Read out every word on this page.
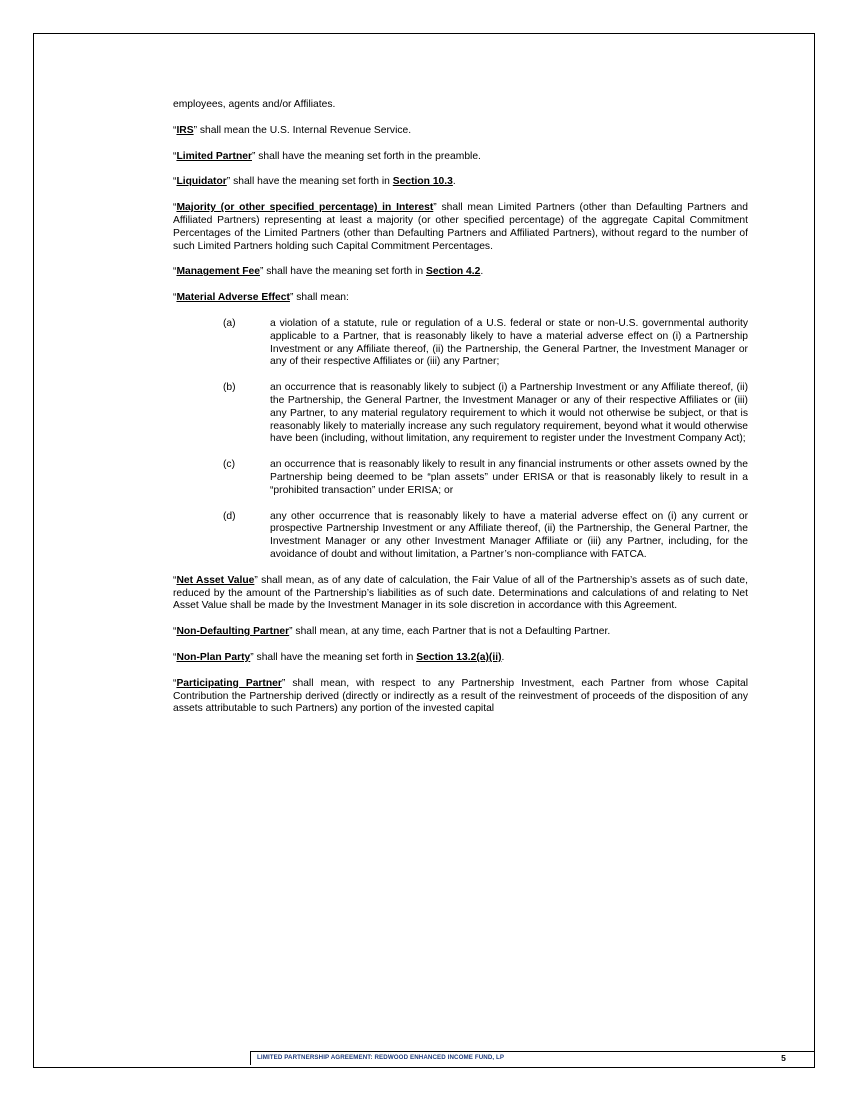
employees, agents and/or Affiliates.

“IRS” shall mean the U.S. Internal Revenue Service.

“Limited Partner” shall have the meaning set forth in the preamble.

“Liquidator” shall have the meaning set forth in Section 10.3.

“Majority (or other specified percentage) in Interest” shall mean Limited Partners (other than Defaulting Partners and Affiliated Partners) representing at least a majority (or other specified percentage) of the aggregate Capital Commitment Percentages of the Limited Partners (other than Defaulting Partners and Affiliated Partners), without regard to the number of such Limited Partners holding such Capital Commitment Percentages.

“Management Fee” shall have the meaning set forth in Section 4.2.

“Material Adverse Effect” shall mean:

(a)	a violation of a statute, rule or regulation of a U.S. federal or state or non-U.S. governmental authority applicable to a Partner, that is reasonably likely to have a material adverse effect on (i) a Partnership Investment or any Affiliate thereof, (ii) the Partnership, the General Partner, the Investment Manager or any of their respective Affiliates or (iii) any Partner;
(b)	an occurrence that is reasonably likely to subject (i) a Partnership Investment or any Affiliate thereof, (ii) the Partnership, the General Partner, the Investment Manager or any of their respective Affiliates or (iii) any Partner, to any material regulatory requirement to which it would not otherwise be subject, or that is reasonably likely to materially increase any such regulatory requirement, beyond what it would otherwise have been (including, without limitation, any requirement to register under the Investment Company Act);
(c)	an occurrence that is reasonably likely to result in any financial instruments or other assets owned by the Partnership being deemed to be “plan assets” under ERISA or that is reasonably likely to result in a “prohibited transaction” under ERISA; or
(d)	any other occurrence that is reasonably likely to have a material adverse effect on (i) any current or prospective Partnership Investment or any Affiliate thereof, (ii) the Partnership, the General Partner, the Investment Manager or any other Investment Manager Affiliate or (iii) any Partner, including, for the avoidance of doubt and without limitation, a Partner’s non-compliance with FATCA.

“Net Asset Value” shall mean, as of any date of calculation, the Fair Value of all of the Partnership’s assets as of such date, reduced by the amount of the Partnership’s liabilities as of such date. Determinations and calculations of and relating to Net Asset Value shall be made by the Investment Manager in its sole discretion in accordance with this Agreement.

“Non-Defaulting Partner” shall mean, at any time, each Partner that is not a Defaulting Partner.

“Non-Plan Party” shall have the meaning set forth in Section 13.2(a)(ii).

“Participating Partner” shall mean, with respect to any Partnership Investment, each Partner from whose Capital Contribution the Partnership derived (directly or indirectly as a result of the reinvestment of proceeds of the disposition of any assets attributable to such Partners) any portion of the invested capital

LIMITED PARTNERSHIP AGREEMENT: REDWOOD ENHANCED INCOME FUND, LP	5
